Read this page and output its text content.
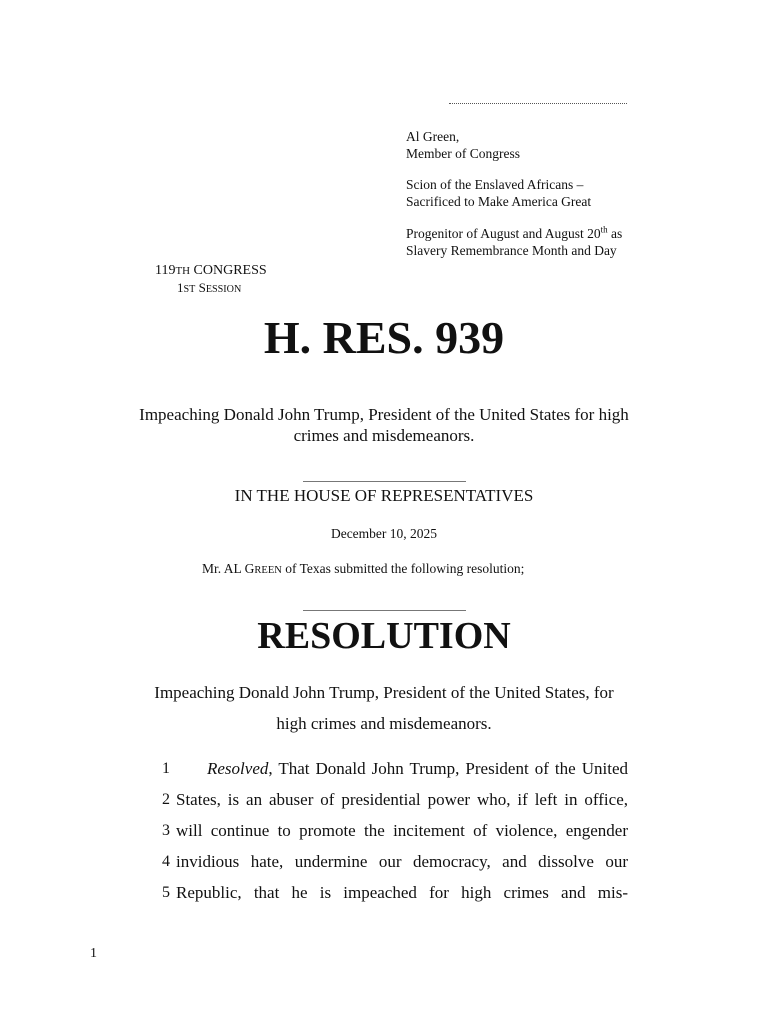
Al Green,
Member of Congress
Scion of the Enslaved Africans –
Sacrificed to Make America Great
Progenitor of August and August 20th as
Slavery Remembrance Month and Day
119TH CONGRESS
1ST SESSION
H. RES. 939
Impeaching Donald John Trump, President of the United States for high crimes and misdemeanors.
IN THE HOUSE OF REPRESENTATIVES
December 10, 2025
Mr. AL GREEN of Texas submitted the following resolution;
RESOLUTION
Impeaching Donald John Trump, President of the United States, for high crimes and misdemeanors.
1 Resolved, That Donald John Trump, President of the United
2 States, is an abuser of presidential power who, if left in office,
3 will continue to promote the incitement of violence, engender
4 invidious hate, undermine our democracy, and dissolve our
5 Republic, that he is impeached for high crimes and mis-
1
